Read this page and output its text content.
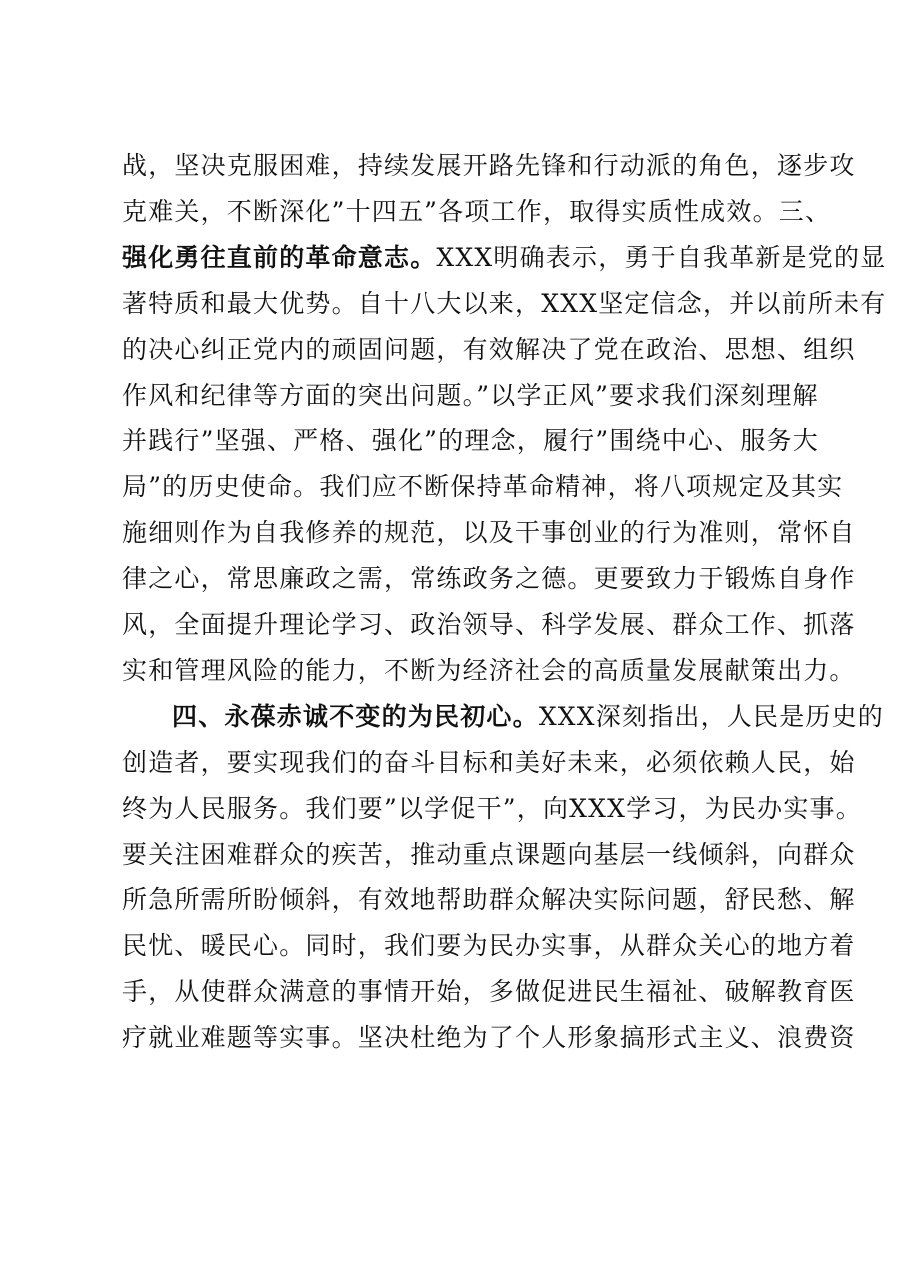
战，坚决克服困难，持续发展开路先锋和行动派的角色，逐步攻
克难关，不断深化”十四五”各项工作，取得实质性成效。三、
强化勇往直前的革命意志。XXX明确表示，勇于自我革新是党的显
著特质和最大优势。自十八大以来，XXX坚定信念，并以前所未有
的决心纠正党内的顽固问题，有效解决了党在政治、思想、组织
作风和纪律等方面的突出问题。”以学正风”要求我们深刻理解
并践行”坚强、严格、强化”的理念，履行”围绕中心、服务大
局”的历史使命。我们应不断保持革命精神，将八项规定及其实
施细则作为自我修养的规范，以及干事创业的行为准则，常怀自
律之心，常思廉政之需，常练政务之德。更要致力于锻炼自身作
风，全面提升理论学习、政治领导、科学发展、群众工作、抓落
实和管理风险的能力，不断为经济社会的高质量发展献策出力。
四、永葆赤诚不变的为民初心。XXX深刻指出，人民是历史的
创造者，要实现我们的奋斗目标和美好未来，必须依赖人民，始
终为人民服务。我们要”以学促干”，向XXX学习，为民办实事。
要关注困难群众的疾苦，推动重点课题向基层一线倾斜，向群众
所急所需所盼倾斜，有效地帮助群众解决实际问题，舒民愁、解
民忧、暖民心。同时，我们要为民办实事，从群众关心的地方着
手，从使群众满意的事情开始，多做促进民生福祉、破解教育医
疗就业难题等实事。坚决杜绝为了个人形象搞形式主义、浪费资
